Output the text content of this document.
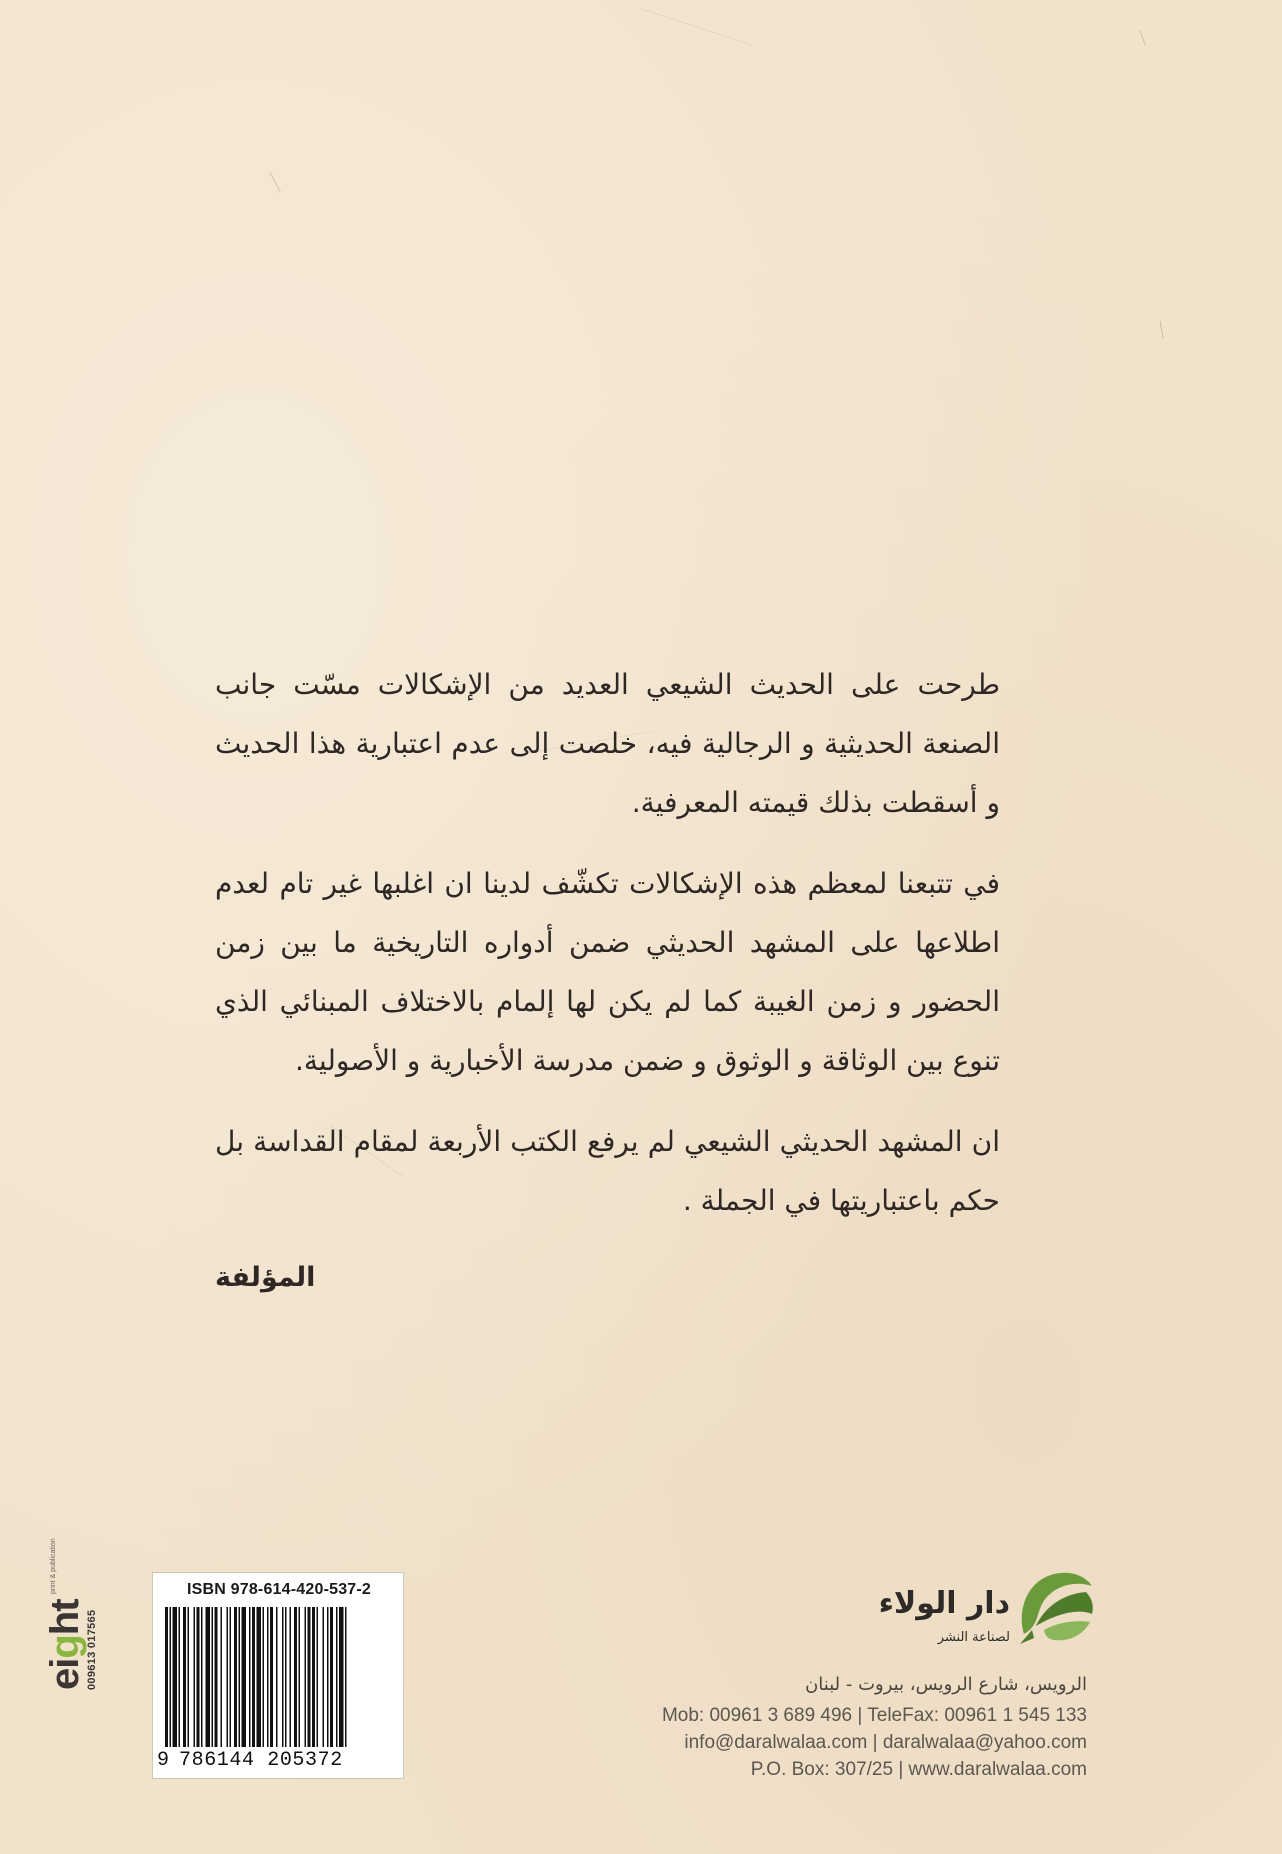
طرحت على الحديث الشيعي العديد من الإشكالات مسّت جانب الصنعة الحديثية و الرجالية فيه، خلصت إلى عدم اعتبارية هذا الحديث و أسقطت بذلك قيمته المعرفية.

في تتبعنا لمعظم هذه الإشكالات تكشّف لدينا ان اغلبها غير تام لعدم اطلاعها على المشهد الحديثي ضمن أدواره التاريخية ما بين زمن الحضور و زمن الغيبة كما لم يكن لها إلمام بالاختلاف المبنائي الذي تنوع بين الوثاقة و الوثوق و ضمن مدرسة الأخبارية و الأصولية.

ان المشهد الحديثي الشيعي لم يرفع الكتب الأربعة لمقام القداسة بل حكم باعتباريتها في الجملة .

المؤلفة
eight
print & publication
009613 017565
ISBN 978-614-420-537-2
9 786144 205372
دار الولاء
لصناعة النشر
الرويس، شارع الرويس، بيروت - لبنان
Mob: 00961 3 689 496 | TeleFax: 00961 1 545 133
info@daralwalaa.com | daralwalaa@yahoo.com
P.O. Box: 307/25 | www.daralwalaa.com
